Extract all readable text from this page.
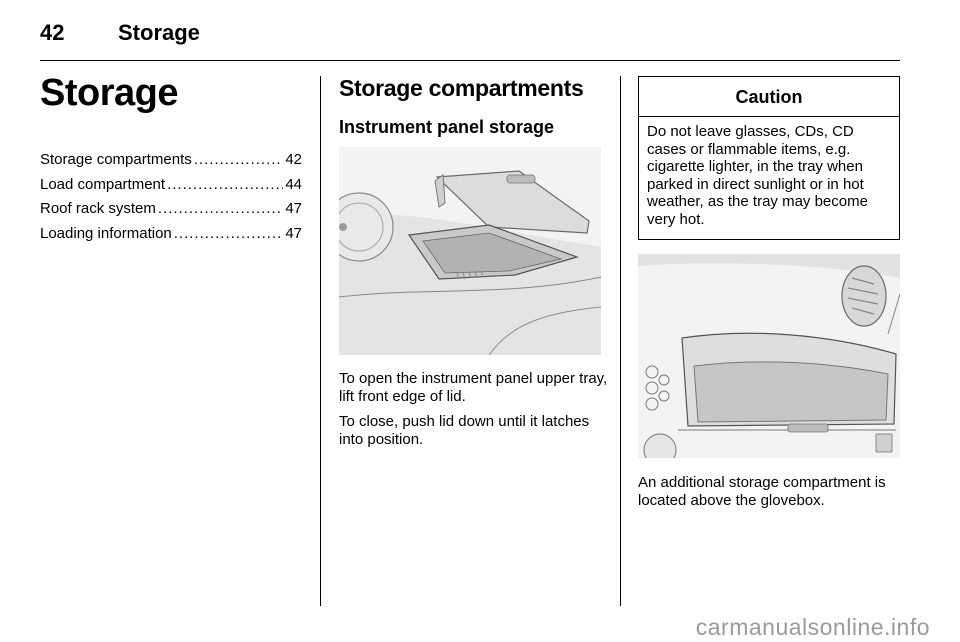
42 Storage
Storage
Storage compartments .....	42
Load compartment .....	44
Roof rack system .....	47
Loading information .....	47
Storage compartments
Instrument panel storage

To open the instrument panel upper tray, lift front edge of lid.

To close, push lid down until it latches into position.

Caution

Do not leave glasses, CDs, CD cases or flammable items, e.g. cigarette lighter, in the tray when parked in direct sunlight or in hot weather, as the tray may become very hot.

An additional storage compartment is located above the glovebox.

carmanualsonline.info
